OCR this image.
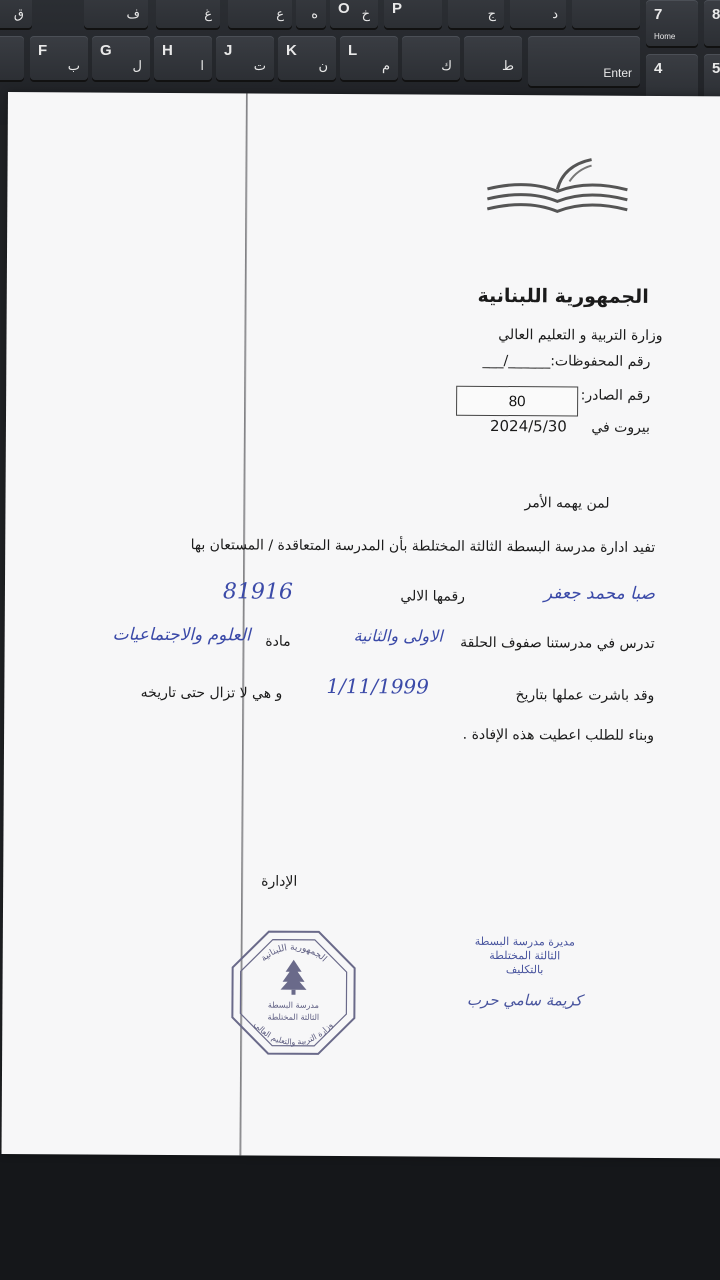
ق	ف	غ	ع ه O خ P	ج	د
F
ب
G
ل
H
ا
J
ت
K
ن
L
م	ك	ط	Enter
7
Home
8
4	5
الجمهورية اللبنانية
وزارة التربية و التعليم العالي
رقم المحفوظات:______/___
رقم الصادر:
80
بيروت في
2024/5/30
لمن يهمه الأمر
تفيد ادارة مدرسة البسطة الثالثة المختلطة بأن المدرسة المتعاقدة / المستعان بها
صبا محمد جعفر
رقمها الالي
81916
تدرس في مدرستنا صفوف الحلقة
الاولى والثانية
مادة
العلوم والاجتماعيات
وقد باشرت عملها بتاريخ
1/11/1999
و هي لا تزال حتى تاريخه
وبناء للطلب اعطيت هذه الإفادة .
الإدارة
الجمهورية اللبنانية
وزارة التربية والتعليم العالي
مدرسة البسطة
الثالثة المختلطة
مديرة مدرسة البسطة
الثالثة المختلطة
بالتكليف
كريمة سامي حرب
